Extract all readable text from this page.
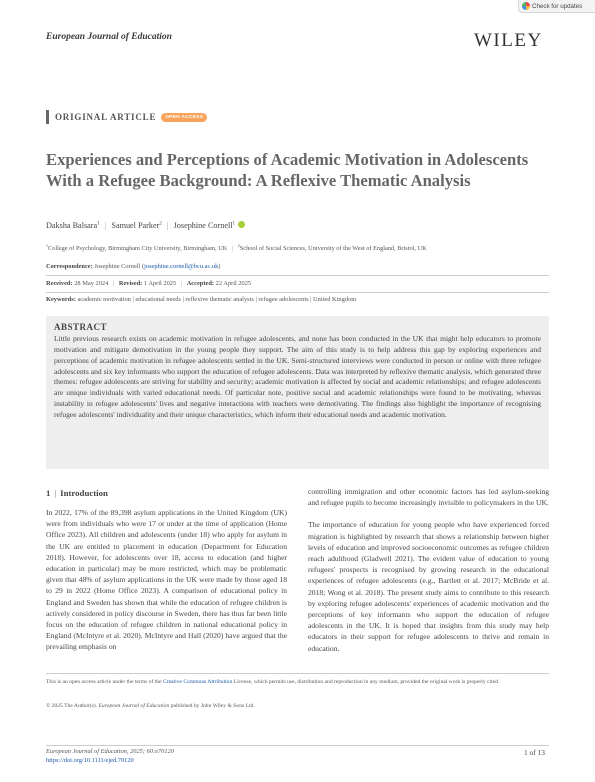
Check for updates
European Journal of Education	WILEY
ORIGINAL ARTICLE	OPEN ACCESS
Experiences and Perceptions of Academic Motivation in Adolescents With a Refugee Background: A Reflexive Thematic Analysis
Daksha Balsara$^1$ | Samuel Parker$^2$ | Josephine Cornell$^1$
$^1$College of Psychology, Birmingham City University, Birmingham, UK | $^2$School of Social Sciences, University of the West of England, Bristol, UK
Correspondence: Josephine Cornell (josephine.cornell@bcu.ac.uk)
Received: 28 May 2024 | Revised: 1 April 2025 | Accepted: 22 April 2025
Keywords: academic motivation | educational needs | reflexive thematic analysis | refugee adolescents | United Kingdom
ABSTRACT

Little previous research exists on academic motivation in refugee adolescents, and none has been conducted in the UK that might help educators to promote motivation and mitigate demotivation in the young people they support. The aim of this study is to help address this gap by exploring experiences and perceptions of academic motivation in refugee adolescents settled in the UK. Semi-structured interviews were conducted in person or online with three refugee adolescents and six key informants who support the education of refugee adolescents. Data was interpreted by reflexive thematic analysis, which generated three themes: refugee adolescents are striving for stability and security; academic motivation is affected by social and academic relationships; and refugee adolescents are unique individuals with varied educational needs. Of particular note, positive social and academic relationships were found to be motivating, whereas instability in refugee adolescents' lives and negative interactions with teachers were demotivating. The findings also highlight the importance of recognising refugee adolescents' individuality and their unique characteristics, which inform their educational needs and academic motivation.

1 | Introduction

In 2022, 17% of the 89,398 asylum applications in the United Kingdom (UK) were from individuals who were 17 or under at the time of application (Home Office 2023). All children and adolescents (under 18) who apply for asylum in the UK are entitled to placement in education (Department for Education 2018). However, for adolescents over 18, access to education (and higher education in particular) may be more restricted, which may be problematic given that 48% of asylum applications in the UK were made by those aged 18 to 29 in 2022 (Home Office 2023). A comparison of educational policy in England and Sweden has shown that while the education of refugee children is actively considered in policy discourse in Sweden, there has thus far been little focus on the education of refugee children in national educational policy in England (McIntyre et al. 2020). McIntyre and Hall (2020) have argued that the prevailing emphasis on

controlling immigration and other economic factors has led asylum-seeking and refugee pupils to become increasingly invisible to policymakers in the UK.

The importance of education for young people who have experienced forced migration is highlighted by research that shows a relationship between higher levels of education and improved socioeconomic outcomes as refugee children reach adulthood (Gladwell 2021). The evident value of education to young refugees' prospects is recognised by growing research in the educational experiences of refugee adolescents (e.g., Bartlett et al. 2017; McBride et al. 2018; Wong et al. 2018). The present study aims to contribute to this research by exploring refugee adolescents' experiences of academic motivation and the perceptions of key informants who support the education of refugee adolescents in the UK. It is hoped that insights from this study may help educators in their support for refugee adolescents to thrive and remain in education.

This is an open access article under the terms of the Creative Commons Attribution License, which permits use, distribution and reproduction in any medium, provided the original work is properly cited.
© 2025 The Author(s). European Journal of Education published by John Wiley & Sons Ltd.
European Journal of Education, 2025; 60:e70120
https://doi.org/10.1111/ejed.70120
1 of 13
